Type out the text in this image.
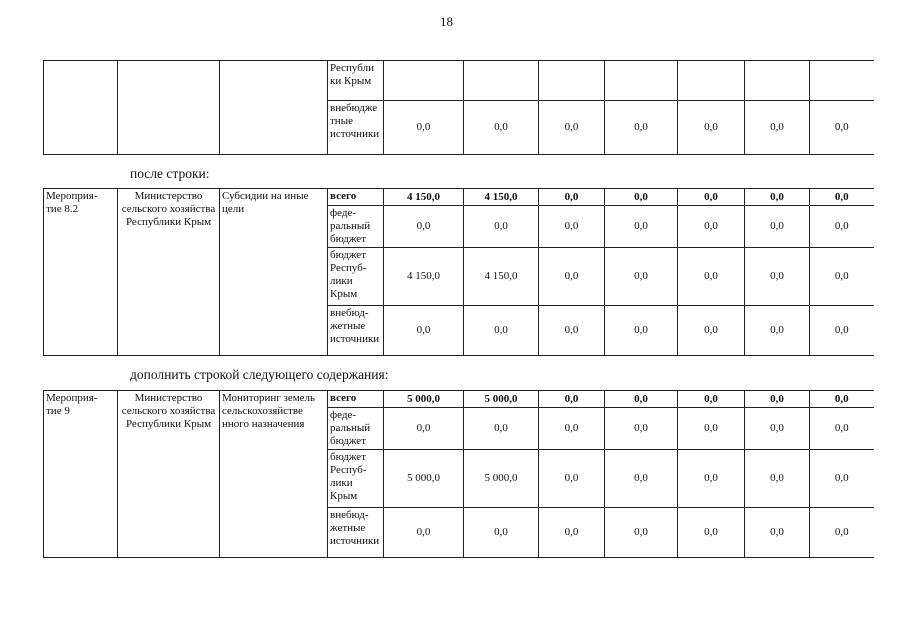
18
			Республи ки Крым							
			внебюдже тные источники	0,0	0,0	0,0	0,0	0,0	0,0	0,0
после строки:
Мероприя- тие 8.2	Министерство сельского хозяйства Республики Крым	Субсидии на иные цели	всего	4 150,0	4 150,0	0,0	0,0	0,0	0,0	0,0
			феде- ральный бюджет	0,0	0,0	0,0	0,0	0,0	0,0	0,0
			бюджет Респуб- лики Крым	4 150,0	4 150,0	0,0	0,0	0,0	0,0	0,0
			внебюд- жетные источники	0,0	0,0	0,0	0,0	0,0	0,0	0,0
дополнить строкой следующего содержания:
Мероприя- тие 9	Министерство сельского хозяйства Республики Крым	Мониторинг земель сельскохозяйстве нного назначения	всего	5 000,0	5 000,0	0,0	0,0	0,0	0,0	0,0
			феде- ральный бюджет	0,0	0,0	0,0	0,0	0,0	0,0	0,0
			бюджет Респуб- лики Крым	5 000,0	5 000,0	0,0	0,0	0,0	0,0	0,0
			внебюд- жетные источники	0,0	0,0	0,0	0,0	0,0	0,0	0,0
